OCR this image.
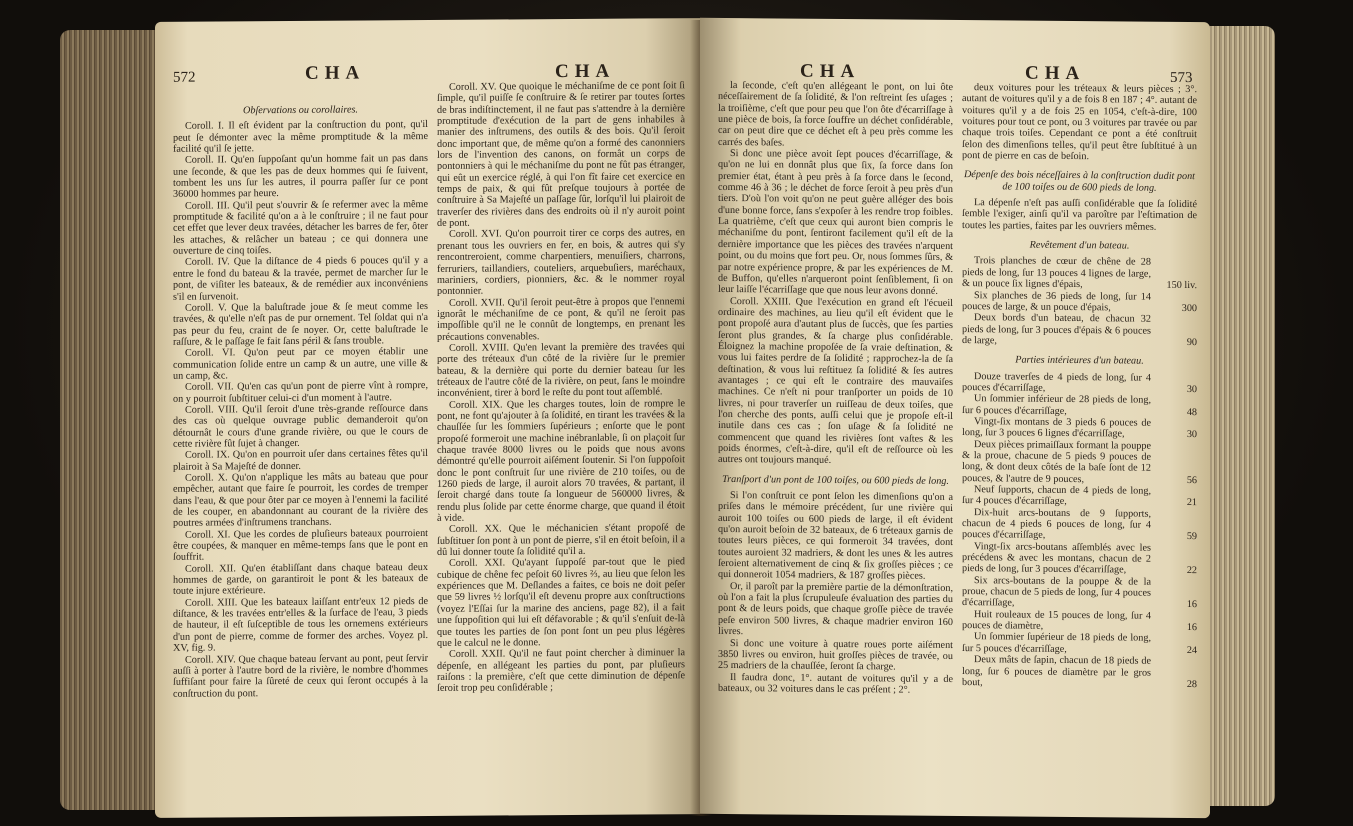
572	CHA	CHA

Obſervations ou corollaires.

Coroll. I. Il eſt évident par la conſtruction du pont, qu'il peut ſe démonter avec la même promptitude & la même facilité qu'il ſe jette.

Coroll. II. Qu'en ſuppoſant qu'un homme fait un pas dans une ſeconde, & que les pas de deux hommes qui ſe ſuivent, tombent les uns ſur les autres, il pourra paſſer ſur ce pont 36000 hommes par heure.

Coroll. III. Qu'il peut s'ouvrir & ſe refermer avec la même promptitude & facilité qu'on a à le conſtruire ; il ne faut pour cet effet que lever deux travées, détacher les barres de fer, ôter les attaches, & relâcher un bateau ; ce qui donnera une ouverture de cinq toiſes.

Coroll. IV. Que la diſtance de 4 pieds 6 pouces qu'il y a entre le fond du bateau & la travée, permet de marcher ſur le pont, de viſiter les bateaux, & de remédier aux inconvéniens s'il en ſurvenoit.

Coroll. V. Que la baluſtrade joue & ſe meut comme les travées, & qu'elle n'eſt pas de pur ornement. Tel ſoldat qui n'a pas peur du feu, craint de ſe noyer. Or, cette baluſtrade le raſſure, & le paſſage ſe fait ſans péril & ſans trouble.

Coroll. VI. Qu'on peut par ce moyen établir une communication ſolide entre un camp & un autre, une ville & un camp, &c.

Coroll. VII. Qu'en cas qu'un pont de pierre vînt à rompre, on y pourroit ſubſtituer celui-ci d'un moment à l'autre.

Coroll. VIII. Qu'il ſeroit d'une très-grande reſſource dans des cas où quelque ouvrage public demanderoit qu'on détournât le cours d'une grande rivière, ou que le cours de cette rivière fût ſujet à changer.

Coroll. IX. Qu'on en pourroit uſer dans certaines fêtes qu'il plairoit à Sa Majeſté de donner.

Coroll. X. Qu'on n'applique les mâts au bateau que pour empêcher, autant que faire ſe pourroit, les cordes de tremper dans l'eau, & que pour ôter par ce moyen à l'ennemi la facilité de les couper, en abandonnant au courant de la rivière des poutres armées d'inſtrumens tranchans.

Coroll. XI. Que les cordes de pluſieurs bateaux pourroient être coupées, & manquer en même-temps ſans que le pont en ſouffrit.

Coroll. XII. Qu'en établiſſant dans chaque bateau deux hommes de garde, on garantiroit le pont & les bateaux de toute injure extérieure.

Coroll. XIII. Que les bateaux laiſſant entr'eux 12 pieds de diſtance, & les travées entr'elles & la ſurface de l'eau, 3 pieds de hauteur, il eſt ſuſceptible de tous les ornemens extérieurs d'un pont de pierre, comme de former des arches. Voyez pl. XV, fig. 9.

Coroll. XIV. Que chaque bateau ſervant au pont, peut ſervir auſſi à porter à l'autre bord de la rivière, le nombre d'hommes ſuffiſant pour faire la ſûreté de ceux qui ſeront occupés à la conſtruction du pont.

Coroll. XV. Que quoique le méchaniſme de ce pont ſoit ſi ſimple, qu'il puiſſe ſe conſtruire & ſe retirer par toutes ſortes de bras indiſtinctement, il ne faut pas s'attendre à la dernière promptitude d'exécution de la part de gens inhabiles à manier des inſtrumens, des outils & des bois. Qu'il ſeroit donc important que, de même qu'on a formé des canonniers lors de l'invention des canons, on formât un corps de pontonniers à qui le méchaniſme du pont ne fût pas étranger, qui eût un exercice réglé, à qui l'on fît faire cet exercice en temps de paix, & qui fût preſque toujours à portée de conſtruire à Sa Majeſté un paſſage ſûr, lorſqu'il lui plairoit de traverſer des rivières dans des endroits où il n'y auroit point de pont.

Coroll. XVI. Qu'on pourroit tirer ce corps des autres, en prenant tous les ouvriers en fer, en bois, & autres qui s'y rencontreroient, comme charpentiers, menuiſiers, charrons, ferruriers, taillandiers, couteliers, arquebuſiers, maréchaux, mariniers, cordiers, pionniers, &c. & le nommer royal pontonnier.

Coroll. XVII. Qu'il ſeroit peut-être à propos que l'ennemi ignorât le méchaniſme de ce pont, & qu'il ne ſeroit pas impoſſible qu'il ne le connût de longtemps, en prenant les précautions convenables.

Coroll. XVIII. Qu'en levant la première des travées qui porte des tréteaux d'un côté de la rivière ſur le premier bateau, & la dernière qui porte du dernier bateau ſur les tréteaux de l'autre côté de la rivière, on peut, ſans le moindre inconvénient, tirer à bord le reſte du pont tout aſſemblé.

Coroll. XIX. Que les charges toutes, loin de rompre le pont, ne font qu'ajouter à ſa ſolidité, en tirant les travées & la chauſſée ſur les ſommiers ſupérieurs ; enſorte que le pont propoſé formeroit une machine inébranlable, ſi on plaçoit ſur chaque travée 8000 livres ou le poids que nous avons démontré qu'elle pourroit aiſément ſoutenir. Si l'on ſuppoſoit donc le pont conſtruit ſur une rivière de 210 toiſes, ou de 1260 pieds de large, il auroit alors 70 travées, & partant, il ſeroit chargé dans toute ſa longueur de 560000 livres, & rendu plus ſolide par cette énorme charge, que quand il étoit à vide.

Coroll. XX. Que le méchanicien s'étant propoſé de ſubſtituer ſon pont à un pont de pierre, s'il en étoit beſoin, il a dû lui donner toute ſa ſolidité qu'il a.

Coroll. XXI. Qu'ayant ſuppoſé par-tout que le pied cubique de chêne fec peſoit 60 livres ⅔, au lieu que ſelon les expériences que M. Deſlandes a faites, ce bois ne doit peſer que 59 livres ½ lorſqu'il eſt devenu propre aux conſtructions (voyez l'Eſſai ſur la marine des anciens, page 82), il a fait une ſuppoſition qui lui eſt défavorable ; & qu'il s'enſuit de-là que toutes les parties de ſon pont ſont un peu plus légères que le calcul ne le donne.

Coroll. XXII. Qu'il ne faut point chercher à diminuer la dépenſe, en allégeant les parties du pont, par pluſieurs raiſons : la première, c'eſt que cette diminution de dépenſe ſeroit trop peu conſidérable ;

CHA	CHA	573

la ſeconde, c'eſt qu'en allégeant le pont, on lui ôte néceſſairement de ſa ſolidité, & l'on reſtreint ſes uſages ; la troiſième, c'eſt que pour peu que l'on ôte d'écarriſſage à une pièce de bois, ſa force ſouffre un déchet conſidérable, car on peut dire que ce déchet eſt à peu près comme les carrés des baſes.

Si donc une pièce avoit ſept pouces d'écarriſſage, & qu'on ne lui en donnât plus que ſix, ſa force dans ſon premier état, étant à peu près à ſa force dans le ſecond, comme 46 à 36 ; le déchet de force ſeroit à peu près d'un tiers. D'où l'on voit qu'on ne peut guère alléger des bois d'une bonne force, ſans s'expoſer à les rendre trop foibles. La quatrième, c'eſt que ceux qui auront bien compris le méchaniſme du pont, ſentiront facilement qu'il eſt de la dernière importance que les pièces des travées n'arquent point, ou du moins que fort peu. Or, nous ſommes ſûrs, & par notre expérience propre, & par les expériences de M. de Buffon, qu'elles n'arqueront point ſenſiblement, ſi on leur laiſſe l'écarriſſage que que nous leur avons donné.

Coroll. XXIII. Que l'exécution en grand eſt l'écueil ordinaire des machines, au lieu qu'il eſt évident que le pont propoſé aura d'autant plus de ſuccès, que ſes parties ſeront plus grandes, & ſa charge plus conſidérable. Éloignez la machine propoſée de ſa vraie deſtination, & vous lui faites perdre de ſa ſolidité ; rapprochez-la de ſa deſtination, & vous lui reſtituez ſa ſolidité & ſes autres avantages ; ce qui eſt le contraire des mauvaiſes machines. Ce n'eſt ni pour tranſporter un poids de 10 livres, ni pour traverſer un ruiſſeau de deux toiſes, que l'on cherche des ponts, auſſi celui que je propoſe eſt-il inutile dans ces cas ; ſon uſage & ſa ſolidité ne commencent que quand les rivières ſont vaſtes & les poids énormes, c'eſt-à-dire, qu'il eſt de reſſource où les autres ont toujours manqué.

Tranſport d'un pont de 100 toiſes, ou 600 pieds de long.

Si l'on conſtruit ce pont ſelon les dimenſions qu'on a priſes dans le mémoire précédent, ſur une rivière qui auroit 100 toiſes ou 600 pieds de large, il eſt évident qu'on auroit beſoin de 32 bateaux, de 6 tréteaux garnis de toutes leurs pièces, ce qui formeroit 34 travées, dont toutes auroient 32 madriers, & dont les unes & les autres ſeroient alternativement de cinq & ſix groſſes pièces ; ce qui donneroit 1054 madriers, & 187 groſſes pièces.

Or, il paroît par la première partie de la démonſtration, où l'on a fait la plus ſcrupuleuſe évaluation des parties du pont & de leurs poids, que chaque groſſe pièce de travée peſe environ 500 livres, & chaque madrier environ 160 livres.

Si donc une voiture à quatre roues porte aiſément 3850 livres ou environ, huit groſſes pièces de travée, ou 25 madriers de la chauſſée, ſeront ſa charge.

Il faudra donc, 1°. autant de voitures qu'il y a de bateaux, ou 32 voitures dans le cas préſent ; 2°.

deux voitures pour les tréteaux & leurs pièces ; 3°. autant de voitures qu'il y a de fois 8 en 187 ; 4°. autant de voitures qu'il y a de fois 25 en 1054, c'eſt-à-dire, 100 voitures pour tout ce pont, ou 3 voitures par travée ou par chaque trois toiſes. Cependant ce pont a été conſtruit ſelon des dimenſions telles, qu'il peut être ſubſtitué à un pont de pierre en cas de beſoin.

Dépenſe des bois néceſſaires à la conſtruction dudit pont de 100 toiſes ou de 600 pieds de long.

La dépenſe n'eſt pas auſſi conſidérable que ſa ſolidité ſemble l'exiger, ainſi qu'il va paroître par l'eſtimation de toutes les parties, faites par les ouvriers mêmes.

Revêtement d'un bateau.

Trois planches de cœur de chêne de 28 pieds de long, ſur 13 pouces 4 lignes de large, & un pouce ſix lignes d'épais,	150 liv.
Six planches de 36 pieds de long, ſur 14 pouces de large, & un pouce d'épais,	300
Deux bords d'un bateau, de chacun 32 pieds de long, ſur 3 pouces d'épais & 6 pouces de large,	90

Parties intérieures d'un bateau.

Douze traverſes de 4 pieds de long, ſur 4 pouces d'écarriſſage,	30
Un ſommier inférieur de 28 pieds de long, ſur 6 pouces d'écarriſſage,	48
Vingt-ſix montans de 3 pieds 6 pouces de long, ſur 3 pouces 6 lignes d'écarriſſage,	30
Deux pièces primaiſſaux formant la pouppe & la proue, chacune de 5 pieds 9 pouces de long, & dont deux côtés de la baſe ſont de 12 pouces, & l'autre de 9 pouces,	56
Neuf ſupports, chacun de 4 pieds de long, ſur 4 pouces d'écarriſſage,	21
Dix-huit arcs-boutans de 9 ſupports, chacun de 4 pieds 6 pouces de long, ſur 4 pouces d'écarriſſage,	59
Vingt-ſix arcs-boutans aſſemblés avec les précédens & avec les montans, chacun de 2 pieds de long, ſur 3 pouces d'écarriſſage,	22
Six arcs-boutans de la pouppe & de la proue, chacun de 5 pieds de long, ſur 4 pouces d'écarriſſage,	16
Huit rouleaux de 15 pouces de long, ſur 4 pouces de diamètre,	16
Un ſommier ſupérieur de 18 pieds de long, ſur 5 pouces d'écarriſſage,	24
Deux mâts de ſapin, chacun de 18 pieds de long, ſur 6 pouces de diamètre par le gros bout,	28
